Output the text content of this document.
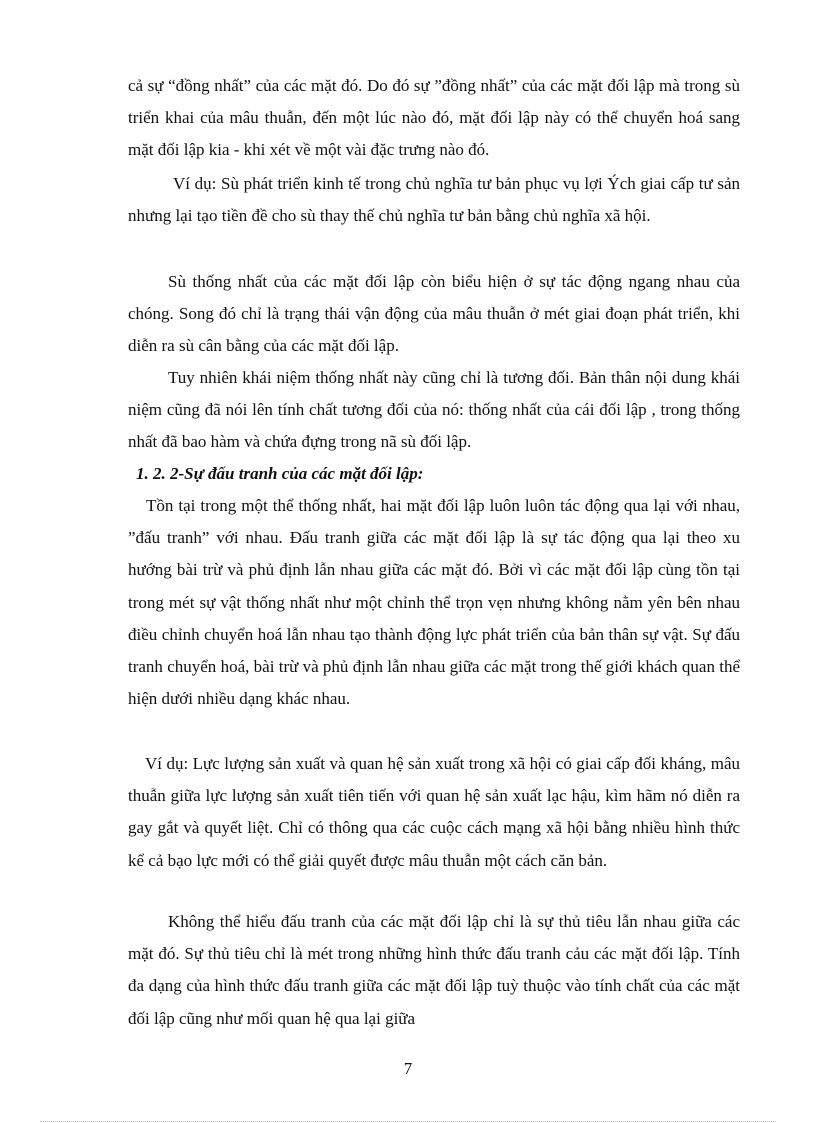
cả sự “đồng nhất” của các mặt đó. Do đó sự ”đồng nhất” của các mặt đối lập mà trong sù triển khai của mâu thuẫn, đến một lúc nào đó, mặt đối lập này có thể chuyển hoá sang mặt đối lập kia - khi xét về một vài đặc trưng nào đó.

Ví dụ: Sù phát triển kinh tế trong chủ nghĩa tư bản phục vụ lợi Ých giai cấp tư sản nhưng lại tạo tiền đề cho sù thay thế chủ nghĩa tư bản bằng chủ nghĩa xã hội.

Sù thống nhất của các mặt đối lập còn biểu hiện ở sự tác động ngang nhau của chóng. Song đó chỉ là trạng thái vận động của mâu thuẫn ở mét giai đoạn phát triển, khi diễn ra sù cân bằng của các mặt đối lập.

Tuy nhiên khái niệm thống nhất này cũng chỉ là tương đối. Bản thân nội dung khái niệm cũng đã nói lên tính chất tương đối của nó: thống nhất của cái đối lập , trong thống nhất đã bao hàm và chứa đựng trong nã sù đối lập.

1. 2. 2-Sự đấu tranh của các mặt đối lập:

Tồn tại trong một thể thống nhất, hai mặt đối lập luôn luôn tác động qua lại với nhau, ”đấu tranh” với nhau. Đấu tranh giữa các mặt đối lập là sự tác động qua lại theo xu hướng bài trừ và phủ định lẫn nhau giữa các mặt đó. Bởi vì các mặt đối lập cùng tồn tại trong mét sự vật thống nhất như một chỉnh thể trọn vẹn nhưng không nằm yên bên nhau điều chỉnh chuyển hoá lẫn nhau tạo thành động lực phát triển của bản thân sự vật. Sự đấu tranh chuyển hoá, bài trừ và phủ định lẫn nhau giữa các mặt trong thế giới khách quan thể hiện dưới nhiều dạng khác nhau.

Ví dụ: Lực lượng sản xuất và quan hệ sản xuất trong xã hội có giai cấp đối kháng, mâu thuẫn giữa lực lượng sản xuất tiên tiến với quan hệ sản xuất lạc hậu, kìm hãm nó diễn ra gay gắt và quyết liệt. Chỉ có thông qua các cuộc cách mạng xã hội bằng nhiều hình thức kể cả bạo lực mới có thể giải quyết được mâu thuẫn một cách căn bản.

Không thể hiểu đấu tranh của các mặt đối lập chỉ là sự thủ tiêu lẫn nhau giữa các mặt đó. Sự thủ tiêu chỉ là mét trong những hình thức đấu tranh cảu các mặt đối lập. Tính đa dạng của hình thức đấu tranh giữa các mặt đối lập tuỳ thuộc vào tính chất của các mặt đối lập cũng như mối quan hệ qua lại giữa

7
